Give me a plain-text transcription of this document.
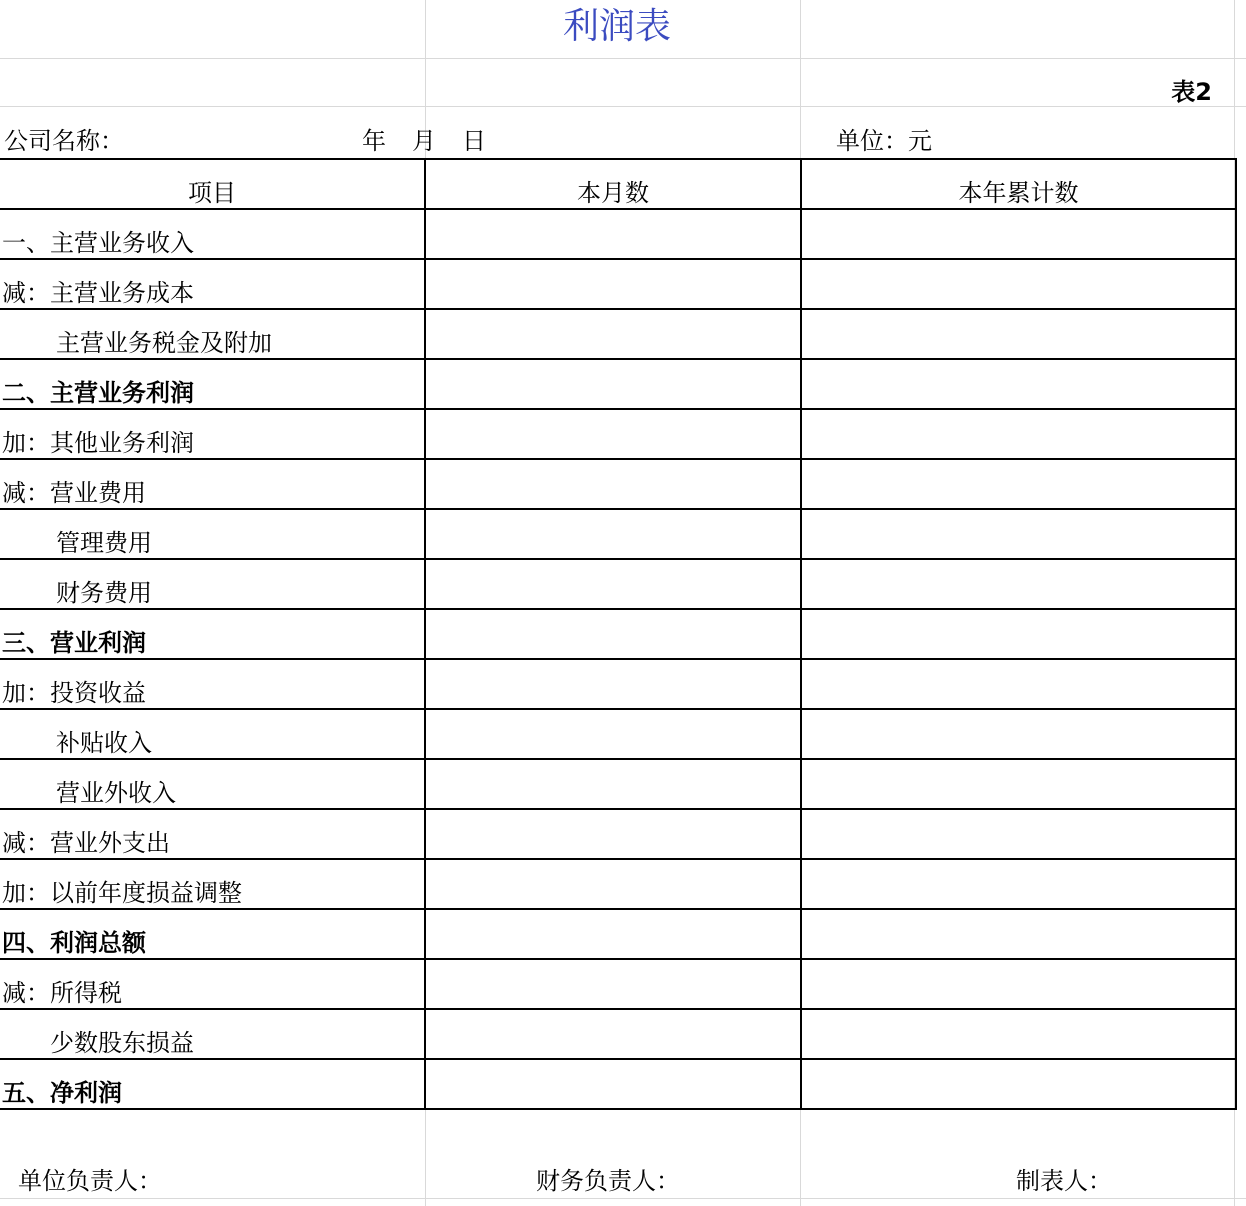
利润表
表2
公司名称：	年 月 日	单位：元
项目	本月数	本年累计数
一、主营业务收入		
减：主营业务成本		
主营业务税金及附加		
二、主营业务利润		
加：其他业务利润		
减：营业费用		
管理费用		
财务费用		
三、营业利润		
加：投资收益		
补贴收入		
营业外收入		
减：营业外支出		
加：以前年度损益调整		
四、利润总额		
减：所得税		
少数股东损益		
五、净利润		
单位负责人：	财务负责人：	制表人：
